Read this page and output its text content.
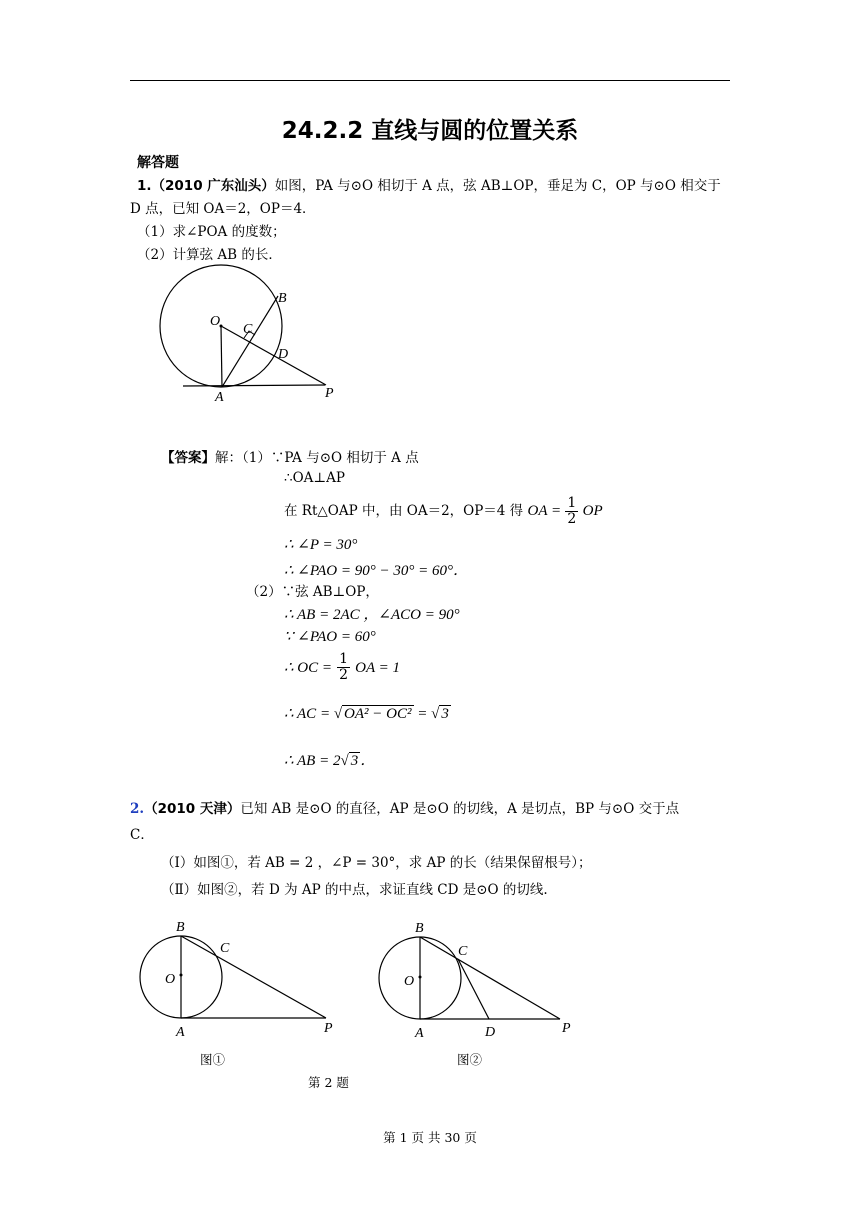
24.2.2 直线与圆的位置关系
解答题
1.（2010 广东汕头）如图，PA 与⊙O 相切于 A 点，弦 AB⊥OP，垂足为 C，OP 与⊙O 相交于
D 点，已知 OA＝2，OP＝4．
（1）求∠POA 的度数；
（2）计算弦 AB 的长．
B
O
C
D
A	P
【答案】解：（1）∵PA 与⊙O 相切于 A 点
∴OA⊥AP
在 Rt△OAP 中，由 OA＝2，OP＝4 得 OA = $\frac{1}{2}$ OP
∴ ∠P = 30°
∴ ∠PAO = 90° − 30° = 60°．
（2）∵弦 AB⊥OP，
∴ AB = 2AC ，∠ACO = 90°
∵ ∠PAO = 60°
∴ OC = $\frac{1}{2}$ OA = 1
∴ AC = √ OA² − OC² = √ 3
∴ AB = 2√ 3 ．
2.（2010 天津）已知 AB 是⊙O 的直径，AP 是⊙O 的切线，A 是切点，BP 与⊙O 交于点
C．
（Ⅰ）如图①，若 AB = 2 ，∠P = 30°，求 AP 的长（结果保留根号）；
（Ⅱ）如图②，若 D 为 AP 的中点，求证直线 CD 是⊙O 的切线.
B
C
O
A	P
B
C
O
A	D	P
图①	图②
第 2 题
第 1 页 共 30 页
